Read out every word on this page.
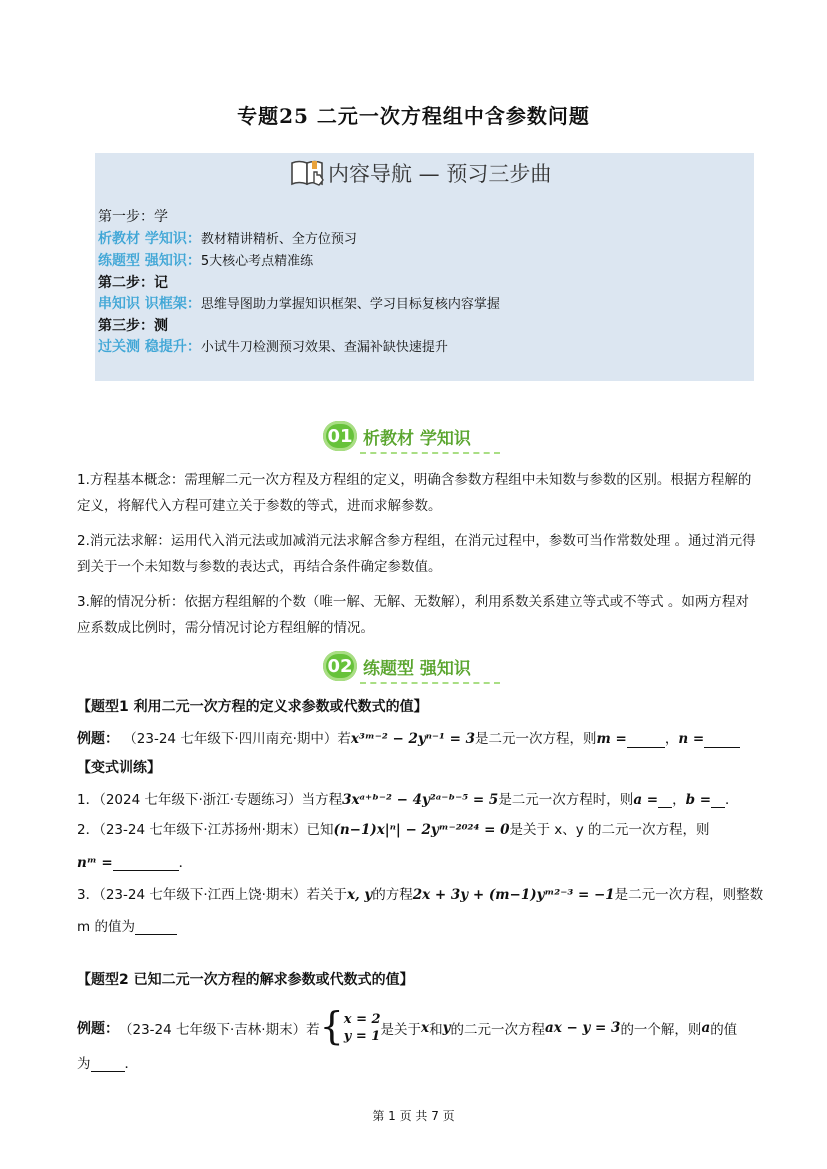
专题25 二元一次方程组中含参数问题
内容导航 — 预习三步曲
第一步：学
析教材 学知识：教材精讲精析、全方位预习
练题型 强知识：5大核心考点精准练
第二步：记
串知识 识框架：思维导图助力掌握知识框架、学习目标复核内容掌握
第三步：测
过关测 稳提升：小试牛刀检测预习效果、查漏补缺快速提升
01 析教材 学知识
1.方程基本概念：需理解二元一次方程及方程组的定义，明确含参数方程组中未知数与参数的区别。根据方程解的定义，将解代入方程可建立关于参数的等式，进而求解参数。
2.消元法求解：运用代入消元法或加减消元法求解含参方程组，在消元过程中，参数可当作常数处理 。通过消元得到关于一个未知数与参数的表达式，再结合条件确定参数值。
3.解的情况分析：依据方程组解的个数（唯一解、无解、无数解），利用系数关系建立等式或不等式 。如两方程对应系数成比例时，需分情况讨论方程组解的情况。
02 练题型 强知识
【题型1 利用二元一次方程的定义求参数或代数式的值】
例题： （23-24 七年级下·四川南充·期中）若x³ᵐ⁻² − 2yⁿ⁻¹ = 3是二元一次方程，则m =	，n =
【变式训练】
1．（2024 七年级下·浙江·专题练习）当方程3xᵃ⁺ᵇ⁻² − 4y²ᵃ⁻ᵇ⁻⁵ = 5是二元一次方程时，则a = ，b = ．
2．（23-24 七年级下·江苏扬州·期末）已知(n−1)x|ⁿ| − 2yᵐ⁻²⁰²⁴ = 0是关于 x、y 的二元一次方程，则
nᵐ =	．
3．（23-24 七年级下·江西上饶·期末）若关于x, y的方程2x + 3y + (m−1)yᵐ²⁻³ = −1是二元一次方程，则整数
m 的值为
【题型2 已知二元一次方程的解求参数或代数式的值】
例题： （23-24 七年级下·吉林·期末）若 { x = 2
y = 1 是关于 x 和 y 的二元一次方程 ax − y = 3 的一个解，则 a 的值
为	．
第 1 页 共 7 页
